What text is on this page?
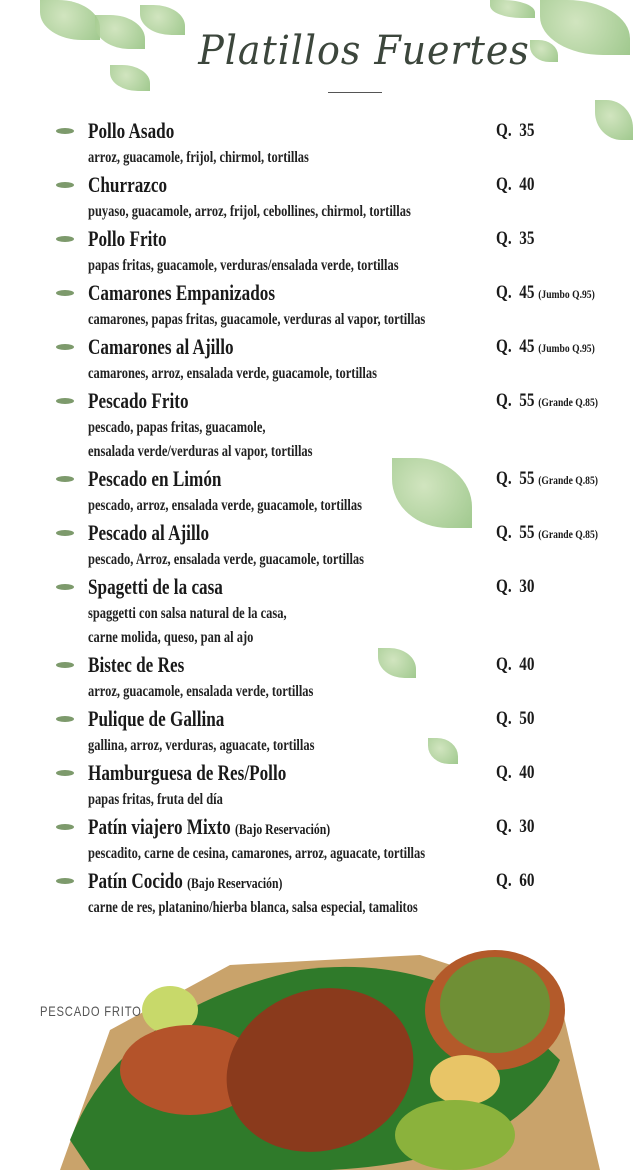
Platillos Fuertes
Pollo Asado	Q. 35
arroz, guacamole, frijol, chirmol, tortillas
Churrazco	Q. 40
puyaso, guacamole, arroz, frijol, cebollines, chirmol, tortillas
Pollo Frito	Q. 35
papas fritas, guacamole, verduras/ensalada verde, tortillas
Camarones Empanizados	Q. 45 (Jumbo Q.95)
camarones, papas fritas, guacamole, verduras al vapor, tortillas
Camarones al Ajillo	Q. 45 (Jumbo Q.95)
camarones, arroz, ensalada verde, guacamole, tortillas
Pescado Frito	Q. 55 (Grande Q.85)
pescado, papas fritas, guacamole,
ensalada verde/verduras al vapor, tortillas
Pescado en Limón	Q. 55 (Grande Q.85)
pescado, arroz, ensalada verde, guacamole, tortillas
Pescado al Ajillo	Q. 55 (Grande Q.85)
pescado, Arroz, ensalada verde, guacamole, tortillas
Spagetti de la casa	Q. 30
spaggetti con salsa natural de la casa,
carne molida, queso, pan al ajo
Bistec de Res	Q. 40
arroz, guacamole, ensalada verde, tortillas
Pulique de Gallina	Q. 50
gallina, arroz, verduras, aguacate, tortillas
Hamburguesa de Res/Pollo	Q. 40
papas fritas, fruta del día
Patín viajero Mixto (Bajo Reservación)	Q. 30
pescadito, carne de cesina, camarones, arroz, aguacate, tortillas
Patín Cocido (Bajo Reservación)	Q. 60
carne de res, platanino/hierba blanca, salsa especial, tamalitos
PESCADO FRITO
